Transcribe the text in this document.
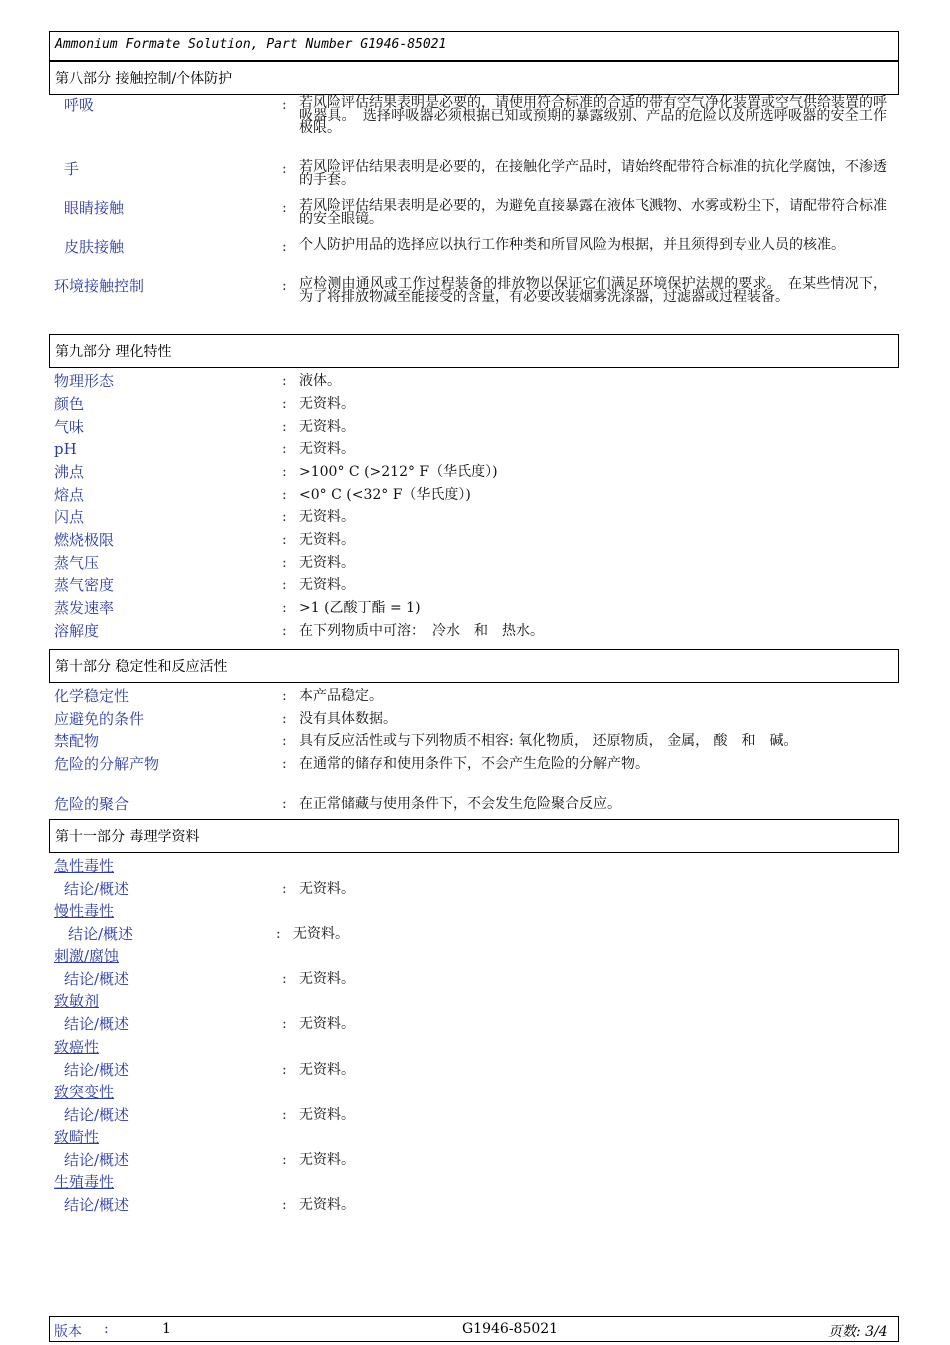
Ammonium Formate Solution, Part Number G1946-85021
第八部分 接触控制/个体防护
呼吸	: 若风险评估结果表明是必要的，请使用符合标准的合适的带有空气净化装置或空气供给装置的呼吸器具。　选择呼吸器必须根据已知或预期的暴露级别、产品的危险以及所选呼吸器的安全工作极限。
手	: 若风险评估结果表明是必要的，在接触化学产品时，请始终配带符合标准的抗化学腐蚀，不渗透的手套。
眼睛接触	: 若风险评估结果表明是必要的，为避免直接暴露在液体飞溅物、水雾或粉尘下，请配带符合标准的安全眼镜。
皮肤接触	: 个人防护用品的选择应以执行工作种类和所冒风险为根据，并且须得到专业人员的核准。
环境接触控制	: 应检测由通风或工作过程装备的排放物以保证它们满足环境保护法规的要求。　在某些情况下，为了将排放物减至能接受的含量，有必要改装烟雾洗涤器，过滤器或过程装备。
第九部分 理化特性
物理形态	: 液体。
颜色	: 无资料。
气味	: 无资料。
pH	: 无资料。
沸点	: >100° C (>212° F（华氏度）)
熔点	: <0° C (<32° F（华氏度）)
闪点	: 无资料。
燃烧极限	: 无资料。
蒸气压	: 无资料。
蒸气密度	: 无资料。
蒸发速率	: >1 (乙酸丁酯 = 1)
溶解度	: 在下列物质中可溶：　冷水　和　热水。
第十部分 稳定性和反应活性
化学稳定性	: 本产品稳定。
应避免的条件	: 没有具体数据。
禁配物	: 具有反应活性或与下列物质不相容: 氧化物质， 还原物质， 金属， 酸　和　碱。
危险的分解产物	: 在通常的储存和使用条件下，不会产生危险的分解产物。
危险的聚合	: 在正常储藏与使用条件下，不会发生危险聚合反应。
第十一部分 毒理学资料
急性毒性
结论/概述	: 无资料。
慢性毒性
结论/概述	: 无资料。
刺激/腐蚀
结论/概述	: 无资料。
致敏剂
结论/概述	: 无资料。
致癌性
结论/概述	: 无资料。
致突变性
结论/概述	: 无资料。
致畸性
结论/概述	: 无资料。
生殖毒性
结论/概述	: 无资料。
版本 :	1	G1946-85021	页数: 3/4
